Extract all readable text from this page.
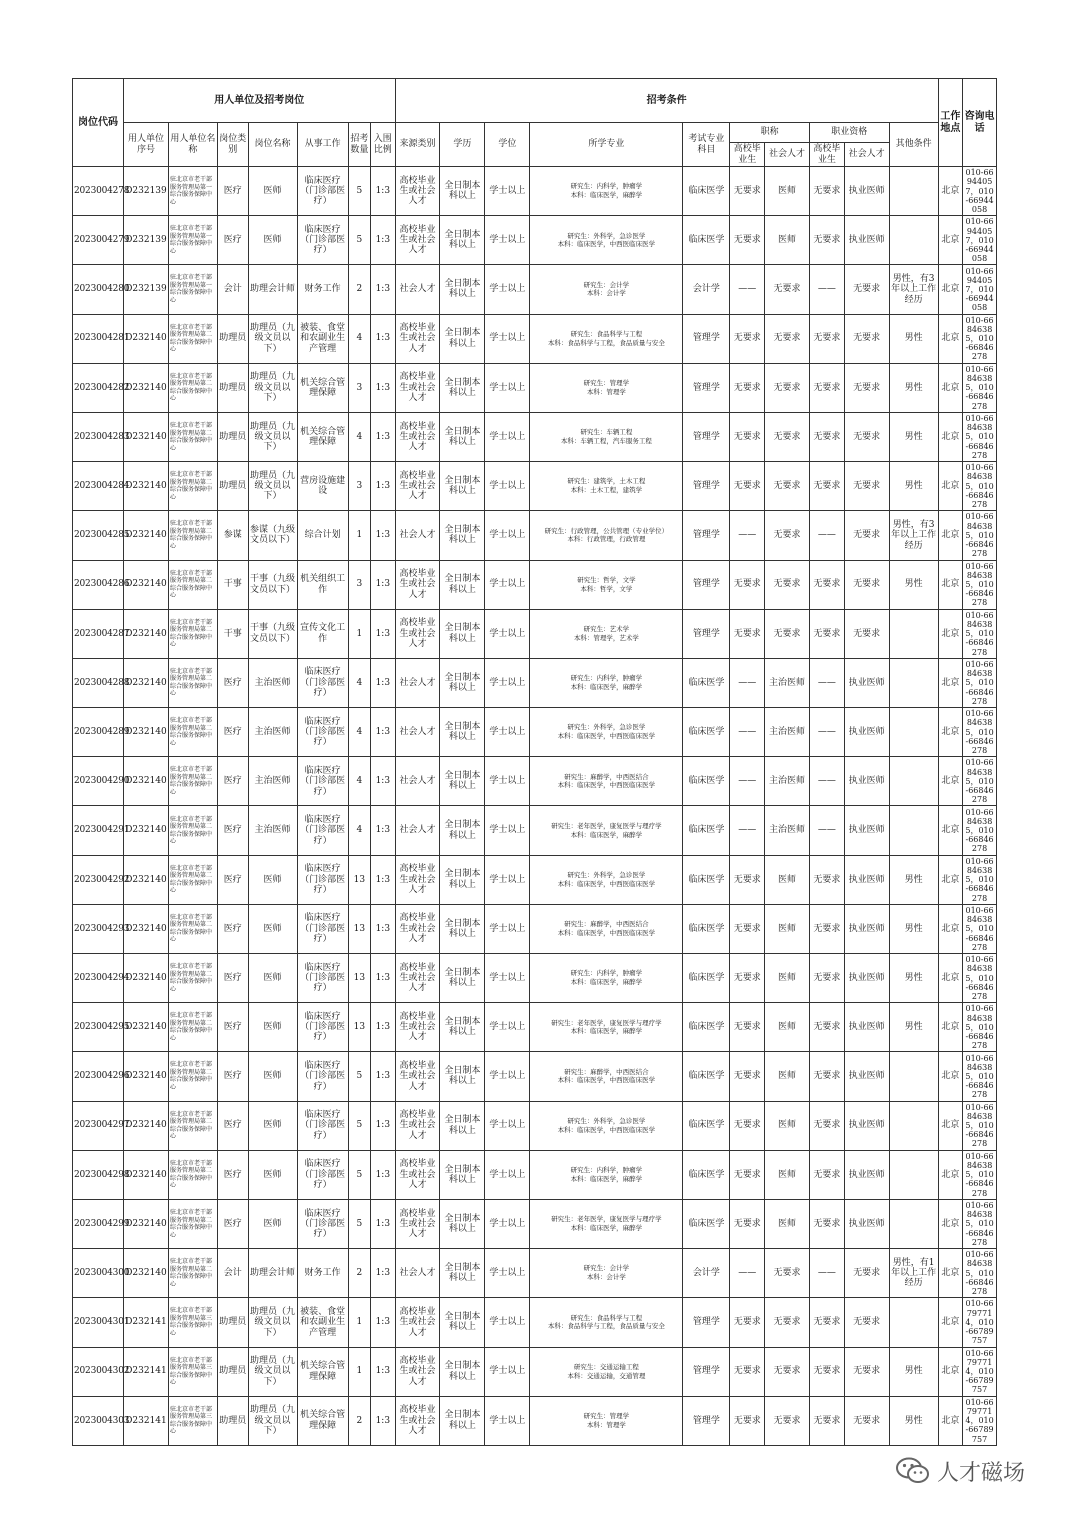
岗位代码	用人单位及招考岗位							招考条件										工作地点	咨询电话
	用人单位序号	用人单位名称	岗位类别	岗位名称	从事工作	招考数量	入围比例	来源类别	学历	学位	所学专业	考试专业科目	职称		职业资格		其他条件		
													高校毕业生	社会人才	高校毕业生	社会人才			
2023004278	D232139	驻北京市老干部服务管理局第一综合服务保障中心	医疗	医师	临床医疗（门诊部医疗）	5	1:3	高校毕业生或社会人才	全日制本科以上	学士以上	研究生：内科学，肿瘤学
本科：临床医学，麻醉学	临床医学	无要求	医师	无要求	执业医师		北京	010-66944057，010-66944058
2023004279	D232139	驻北京市老干部服务管理局第一综合服务保障中心	医疗	医师	临床医疗（门诊部医疗）	5	1:3	高校毕业生或社会人才	全日制本科以上	学士以上	研究生：外科学，急诊医学
本科：临床医学，中西医临床医学	临床医学	无要求	医师	无要求	执业医师		北京	010-66944057，010-66944058
2023004280	D232139	驻北京市老干部服务管理局第一综合服务保障中心	会计	助理会计师	财务工作	2	1:3	社会人才	全日制本科以上	学士以上	研究生：会计学
本科：会计学	会计学	——	无要求	——	无要求	男性，有3年以上工作经历	北京	010-66944057，010-66944058
2023004281	D232140	驻北京市老干部服务管理局第二综合服务保障中心	助理员	助理员（九级文员以下）	被装、食堂和农副业生产管理	4	1:3	高校毕业生或社会人才	全日制本科以上	学士以上	研究生：食品科学与工程
本科：食品科学与工程，食品质量与安全	管理学	无要求	无要求	无要求	无要求	男性	北京	010-66846385，010-66846278
2023004282	D232140	驻北京市老干部服务管理局第二综合服务保障中心	助理员	助理员（九级文员以下）	机关综合管理保障	3	1:3	高校毕业生或社会人才	全日制本科以上	学士以上	研究生：管理学
本科：管理学	管理学	无要求	无要求	无要求	无要求	男性	北京	010-66846385，010-66846278
2023004283	D232140	驻北京市老干部服务管理局第二综合服务保障中心	助理员	助理员（九级文员以下）	机关综合管理保障	4	1:3	高校毕业生或社会人才	全日制本科以上	学士以上	研究生：车辆工程
本科：车辆工程，汽车服务工程	管理学	无要求	无要求	无要求	无要求	男性	北京	010-66846385，010-66846278
2023004284	D232140	驻北京市老干部服务管理局第二综合服务保障中心	助理员	助理员（九级文员以下）	营房设施建设	3	1:3	高校毕业生或社会人才	全日制本科以上	学士以上	研究生：建筑学，土木工程
本科：土木工程，建筑学	管理学	无要求	无要求	无要求	无要求	男性	北京	010-66846385，010-66846278
2023004285	D232140	驻北京市老干部服务管理局第二综合服务保障中心	参谋	参谋（九级文员以下）	综合计划	1	1:3	社会人才	全日制本科以上	学士以上	研究生：行政管理，公共管理（专业学位）
本科：行政管理，行政管理	管理学	——	无要求	——	无要求	男性，有3年以上工作经历	北京	010-66846385，010-66846278
2023004286	D232140	驻北京市老干部服务管理局第二综合服务保障中心	干事	干事（九级文员以下）	机关组织工作	3	1:3	高校毕业生或社会人才	全日制本科以上	学士以上	研究生：哲学，文学
本科：哲学，文学	管理学	无要求	无要求	无要求	无要求	男性	北京	010-66846385，010-66846278
2023004287	D232140	驻北京市老干部服务管理局第二综合服务保障中心	干事	干事（九级文员以下）	宣传文化工作	1	1:3	高校毕业生或社会人才	全日制本科以上	学士以上	研究生：艺术学
本科：管理学，艺术学	管理学	无要求	无要求	无要求	无要求		北京	010-66846385，010-66846278
2023004288	D232140	驻北京市老干部服务管理局第二综合服务保障中心	医疗	主治医师	临床医疗（门诊部医疗）	4	1:3	社会人才	全日制本科以上	学士以上	研究生：内科学，肿瘤学
本科：临床医学，麻醉学	临床医学	——	主治医师	——	执业医师		北京	010-66846385，010-66846278
2023004289	D232140	驻北京市老干部服务管理局第二综合服务保障中心	医疗	主治医师	临床医疗（门诊部医疗）	4	1:3	社会人才	全日制本科以上	学士以上	研究生：外科学，急诊医学
本科：临床医学，中西医临床医学	临床医学	——	主治医师	——	执业医师		北京	010-66846385，010-66846278
2023004290	D232140	驻北京市老干部服务管理局第二综合服务保障中心	医疗	主治医师	临床医疗（门诊部医疗）	4	1:3	社会人才	全日制本科以上	学士以上	研究生：麻醉学，中西医结合
本科：临床医学，中西医临床医学	临床医学	——	主治医师	——	执业医师		北京	010-66846385，010-66846278
2023004291	D232140	驻北京市老干部服务管理局第二综合服务保障中心	医疗	主治医师	临床医疗（门诊部医疗）	4	1:3	社会人才	全日制本科以上	学士以上	研究生：老年医学，康复医学与理疗学
本科：临床医学，麻醉学	临床医学	——	主治医师	——	执业医师		北京	010-66846385，010-66846278
2023004292	D232140	驻北京市老干部服务管理局第二综合服务保障中心	医疗	医师	临床医疗（门诊部医疗）	13	1:3	高校毕业生或社会人才	全日制本科以上	学士以上	研究生：外科学，急诊医学
本科：临床医学，中西医临床医学	临床医学	无要求	医师	无要求	执业医师	男性	北京	010-66846385，010-66846278
2023004293	D232140	驻北京市老干部服务管理局第二综合服务保障中心	医疗	医师	临床医疗（门诊部医疗）	13	1:3	高校毕业生或社会人才	全日制本科以上	学士以上	研究生：麻醉学，中西医结合
本科：临床医学，中西医临床医学	临床医学	无要求	医师	无要求	执业医师	男性	北京	010-66846385，010-66846278
2023004294	D232140	驻北京市老干部服务管理局第二综合服务保障中心	医疗	医师	临床医疗（门诊部医疗）	13	1:3	高校毕业生或社会人才	全日制本科以上	学士以上	研究生：内科学，肿瘤学
本科：临床医学，麻醉学	临床医学	无要求	医师	无要求	执业医师	男性	北京	010-66846385，010-66846278
2023004295	D232140	驻北京市老干部服务管理局第二综合服务保障中心	医疗	医师	临床医疗（门诊部医疗）	13	1:3	高校毕业生或社会人才	全日制本科以上	学士以上	研究生：老年医学，康复医学与理疗学
本科：临床医学，麻醉学	临床医学	无要求	医师	无要求	执业医师	男性	北京	010-66846385，010-66846278
2023004296	D232140	驻北京市老干部服务管理局第二综合服务保障中心	医疗	医师	临床医疗（门诊部医疗）	5	1:3	高校毕业生或社会人才	全日制本科以上	学士以上	研究生：麻醉学，中西医结合
本科：临床医学，中西医临床医学	临床医学	无要求	医师	无要求	执业医师		北京	010-66846385，010-66846278
2023004297	D232140	驻北京市老干部服务管理局第二综合服务保障中心	医疗	医师	临床医疗（门诊部医疗）	5	1:3	高校毕业生或社会人才	全日制本科以上	学士以上	研究生：外科学，急诊医学
本科：临床医学，中西医临床医学	临床医学	无要求	医师	无要求	执业医师		北京	010-66846385，010-66846278
2023004298	D232140	驻北京市老干部服务管理局第二综合服务保障中心	医疗	医师	临床医疗（门诊部医疗）	5	1:3	高校毕业生或社会人才	全日制本科以上	学士以上	研究生：内科学，肿瘤学
本科：临床医学，麻醉学	临床医学	无要求	医师	无要求	执业医师		北京	010-66846385，010-66846278
2023004299	D232140	驻北京市老干部服务管理局第二综合服务保障中心	医疗	医师	临床医疗（门诊部医疗）	5	1:3	高校毕业生或社会人才	全日制本科以上	学士以上	研究生：老年医学，康复医学与理疗学
本科：临床医学，麻醉学	临床医学	无要求	医师	无要求	执业医师		北京	010-66846385，010-66846278
2023004300	D232140	驻北京市老干部服务管理局第二综合服务保障中心	会计	助理会计师	财务工作	2	1:3	社会人才	全日制本科以上	学士以上	研究生：会计学
本科：会计学	会计学	——	无要求	——	无要求	男性，有1年以上工作经历	北京	010-66846385，010-66846278
2023004301	D232141	驻北京市老干部服务管理局第三综合服务保障中心	助理员	助理员（九级文员以下）	被装、食堂和农副业生产管理	1	1:3	高校毕业生或社会人才	全日制本科以上	学士以上	研究生：食品科学与工程
本科：食品科学与工程，食品质量与安全	管理学	无要求	无要求	无要求	无要求		北京	010-66797714，010-66789757
2023004302	D232141	驻北京市老干部服务管理局第三综合服务保障中心	助理员	助理员（九级文员以下）	机关综合管理保障	1	1:3	高校毕业生或社会人才	全日制本科以上	学士以上	研究生：交通运输工程
本科：交通运输，交通管理	管理学	无要求	无要求	无要求	无要求	男性	北京	010-66797714，010-66789757
2023004303	D232141	驻北京市老干部服务管理局第三综合服务保障中心	助理员	助理员（九级文员以下）	机关综合管理保障	2	1:3	高校毕业生或社会人才	全日制本科以上	学士以上	研究生：管理学
本科：管理学	管理学	无要求	无要求	无要求	无要求	男性	北京	010-66797714，010-66789757
人才磁场
